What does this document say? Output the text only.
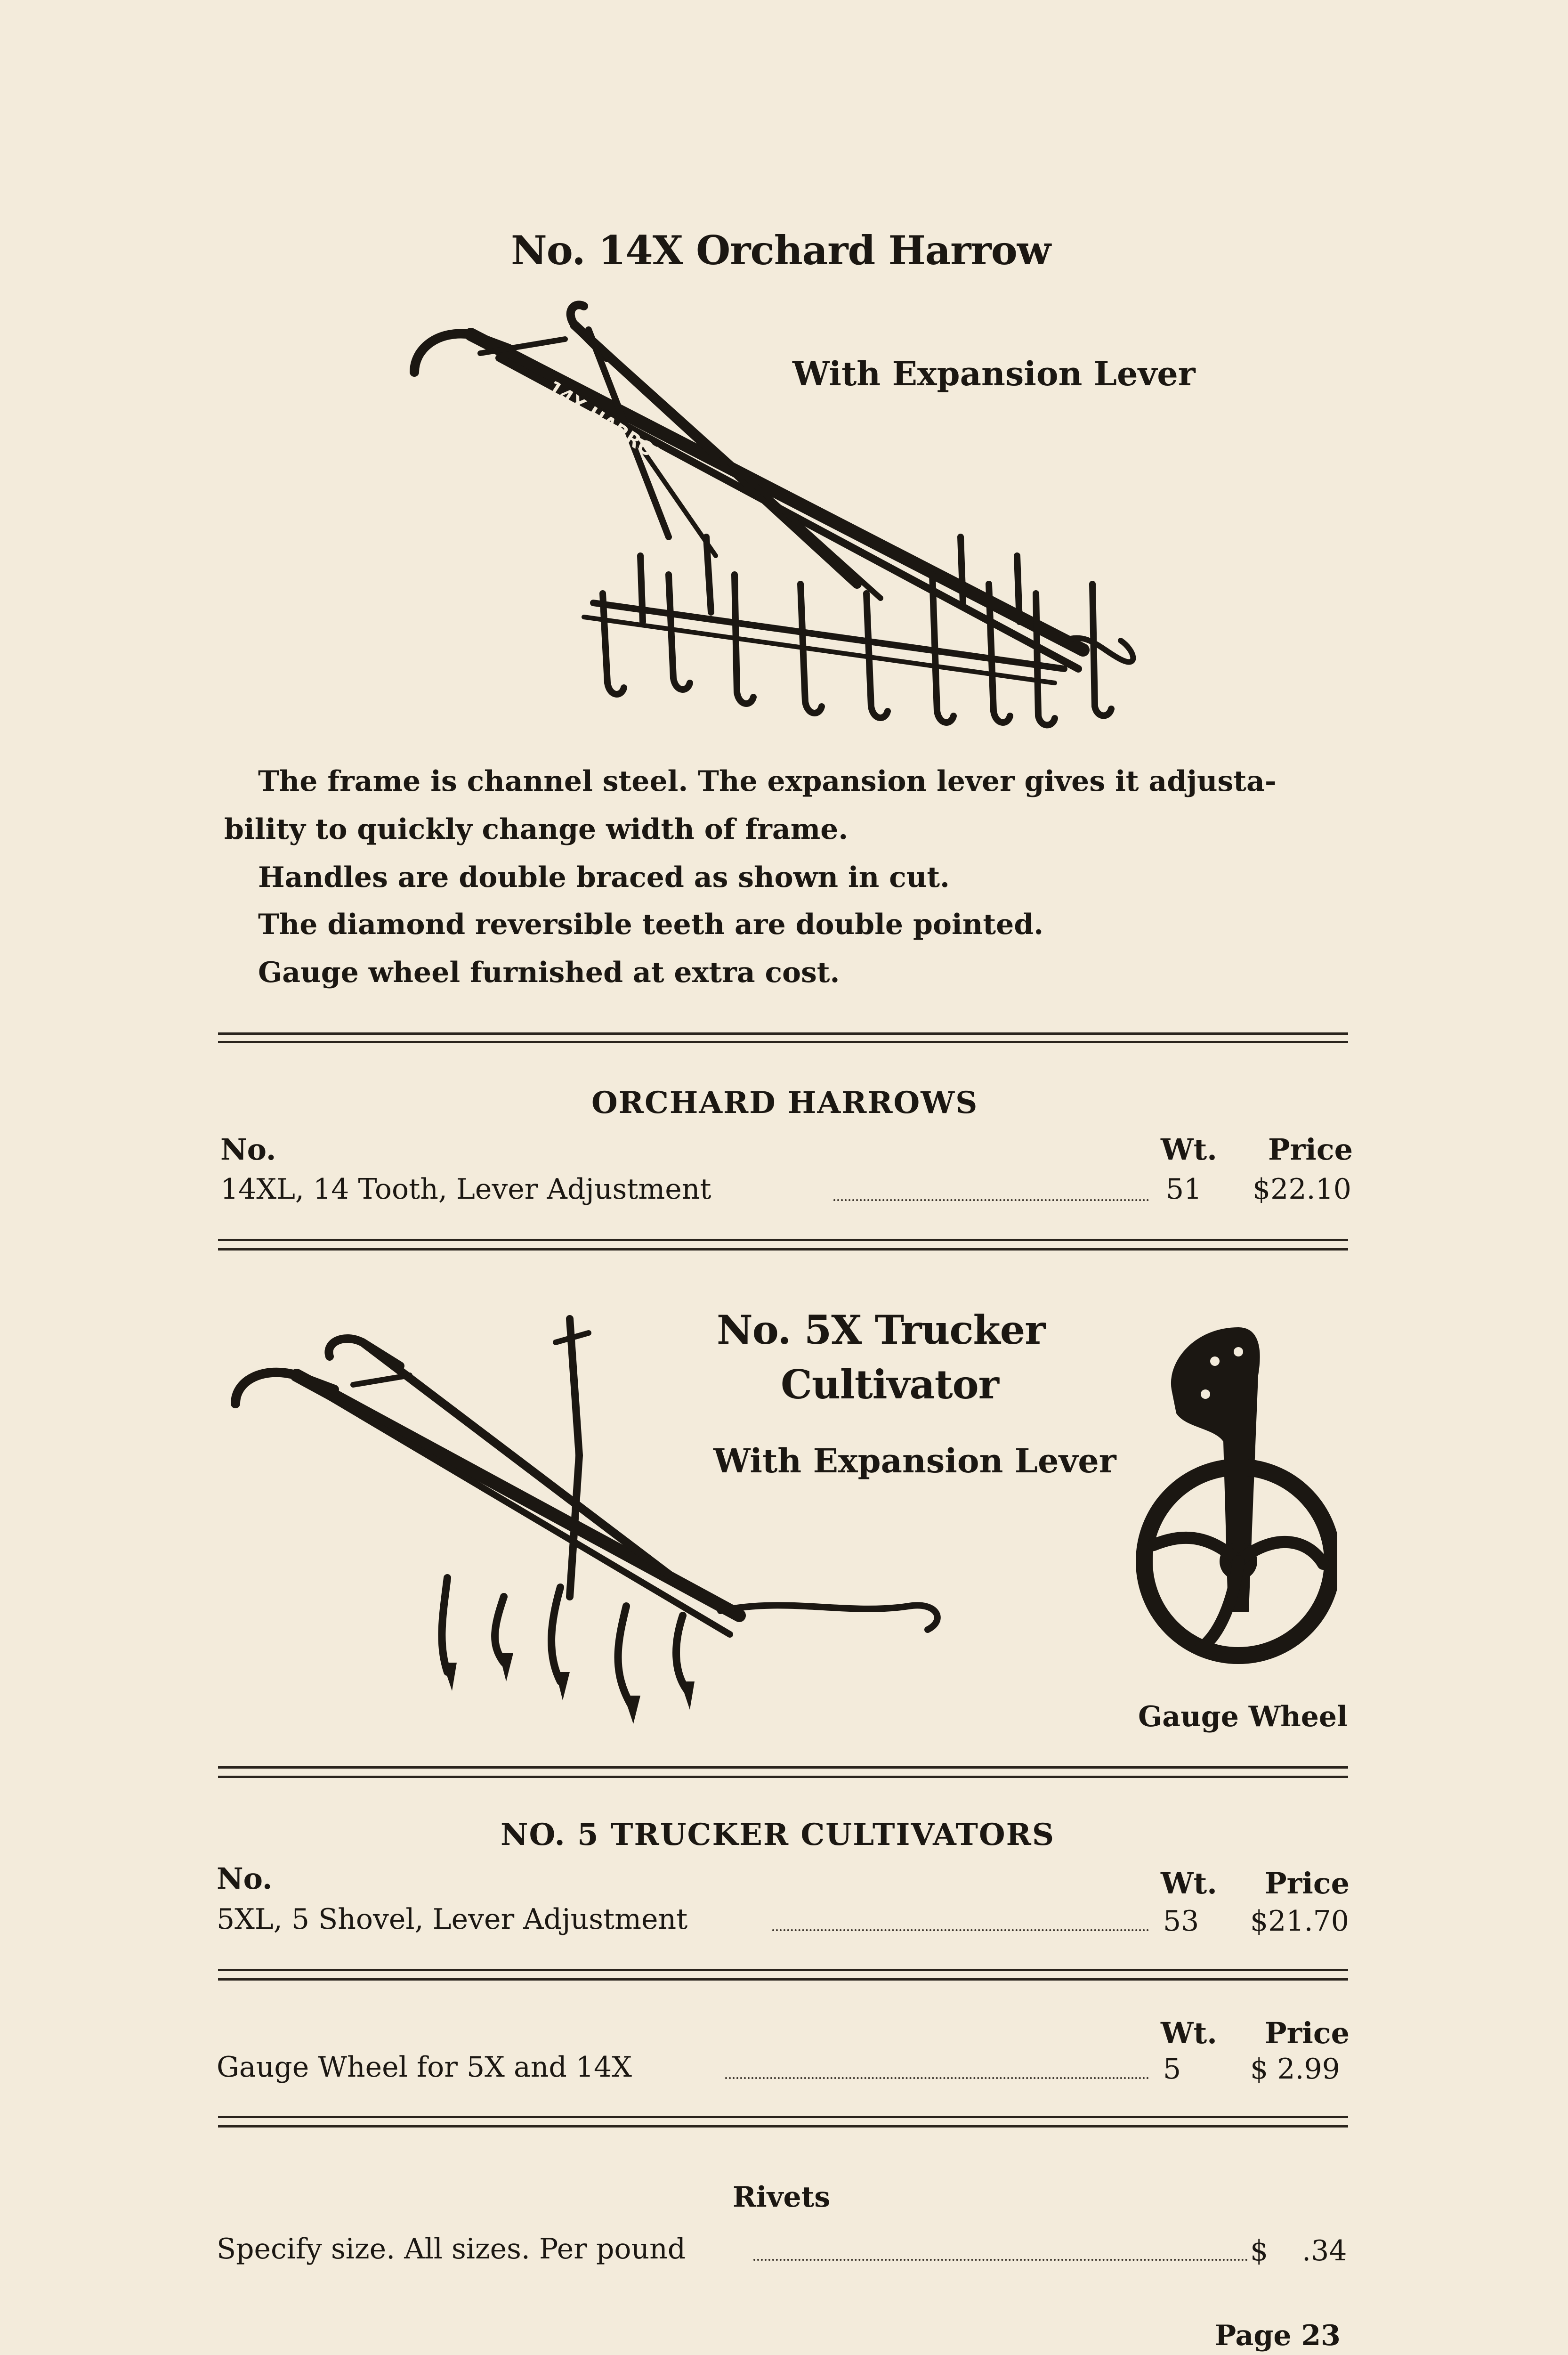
No. 14X Orchard Harrow
With Expansion Lever
14X HARROW
The frame is channel steel. The expansion lever gives it adjusta-
bility to quickly change width of frame.
Handles are double braced as shown in cut.
The diamond reversible teeth are double pointed.
Gauge wheel furnished at extra cost.
ORCHARD HARROWS
No.	Wt. Price
14XL, 14 Tooth, Lever Adjustment	51 $22.10
No. 5X Trucker
Cultivator
With Expansion Lever
Gauge Wheel
NO. 5 TRUCKER CULTIVATORS
No.	Wt. Price
5XL, 5 Shovel, Lever Adjustment	53 $21.70
Wt. Price
Gauge Wheel for 5X and 14X	5 $ 2.99
Rivets
Specify size. All sizes. Per pound	$ .34
Page 23
